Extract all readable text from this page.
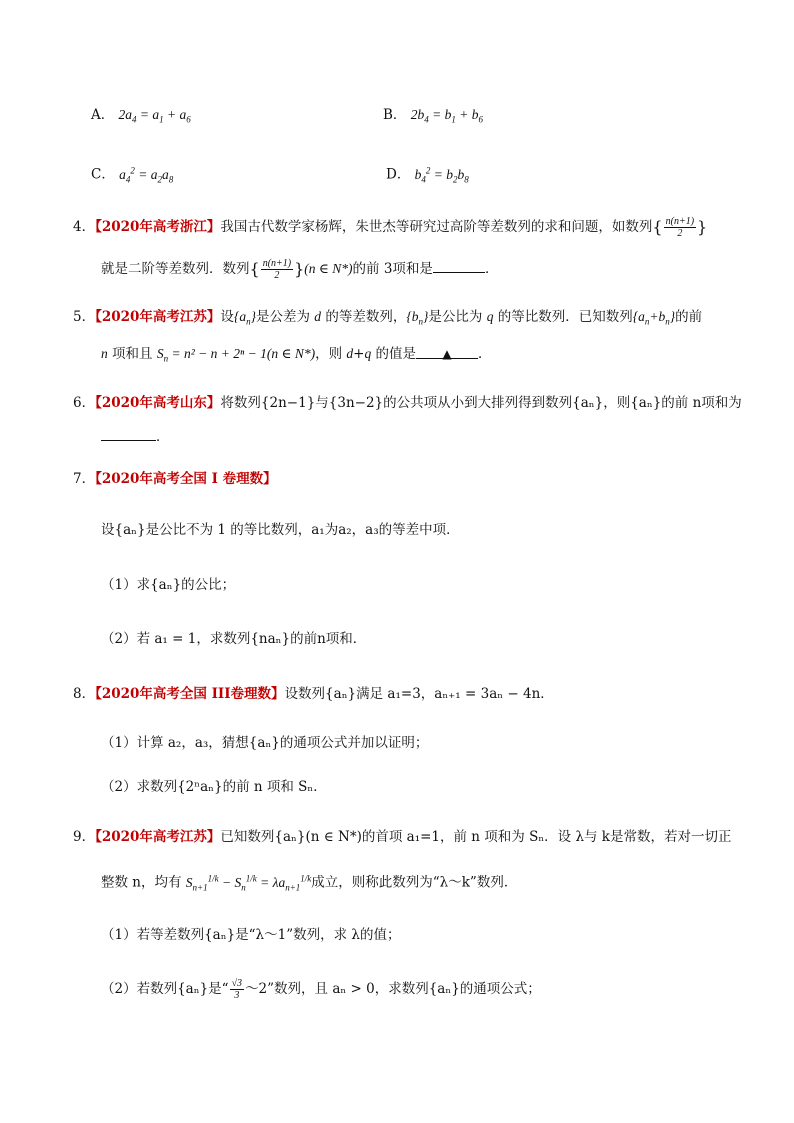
A． $2a_4 = a_1 + a_6$	B． $2b_4 = b_1 + b_6$
C． $a_4^2 = a_2a_8$	D． $b_4^2 = b_2b_8$
4．【2020年高考浙江】我国古代数学家杨辉，朱世杰等研究过高阶等差数列的求和问题，如数列{ $\frac{n(n+1)}{2}$ }
就是二阶等差数列．数列{ $\frac{n(n+1)}{2} \}(n$ ∈ N*)的前 3项和是	．
5．【2020年高考江苏】设$\{a_n\}$是公差为 d 的等差数列，$\{b_n\}$是公比为 q 的等比数列．已知数列$\{a_n+b_n\}$的前
n 项和且 $S_n = n^2 - n + 2^n - 1(n$ ∈ N*)，则 d+q 的值是 ▲ ．
6．【2020年高考山东】将数列{2n−1}与{3n−2}的公共项从小到大排列得到数列{aₙ}，则{aₙ}的前 n项和为
．
7．【2020年高考全国 I 卷理数】
设{aₙ}是公比不为 1 的等比数列，a₁为a₂，a₃的等差中项．
（1）求{aₙ}的公比；
（2）若 a₁ = 1，求数列{naₙ}的前n项和．
8．【2020年高考全国 III卷理数】设数列{aₙ}满足 a₁=3，aₙ₊₁ = 3aₙ − 4n．
（1）计算 a₂，a₃，猜想{aₙ}的通项公式并加以证明；
（2）求数列{2ⁿaₙ}的前 n 项和 Sₙ．
9．【2020年高考江苏】已知数列{aₙ}(n ∈ N*)的首项 a₁=1，前 n 项和为 Sₙ．设 λ与 k是常数，若对一切正
整数 n，均有 $S_{n+1}^{1/k} - S_n^{1/k} = \lambda a_{n+1}^{1/k}$成立，则称此数列为“λ～k”数列．
（1）若等差数列{aₙ}是“λ～1”数列，求 λ的值；
（2）若数列{aₙ}是“ $\frac{√3}{3}$ ～2”数列，且 aₙ > 0，求数列{aₙ}的通项公式；
